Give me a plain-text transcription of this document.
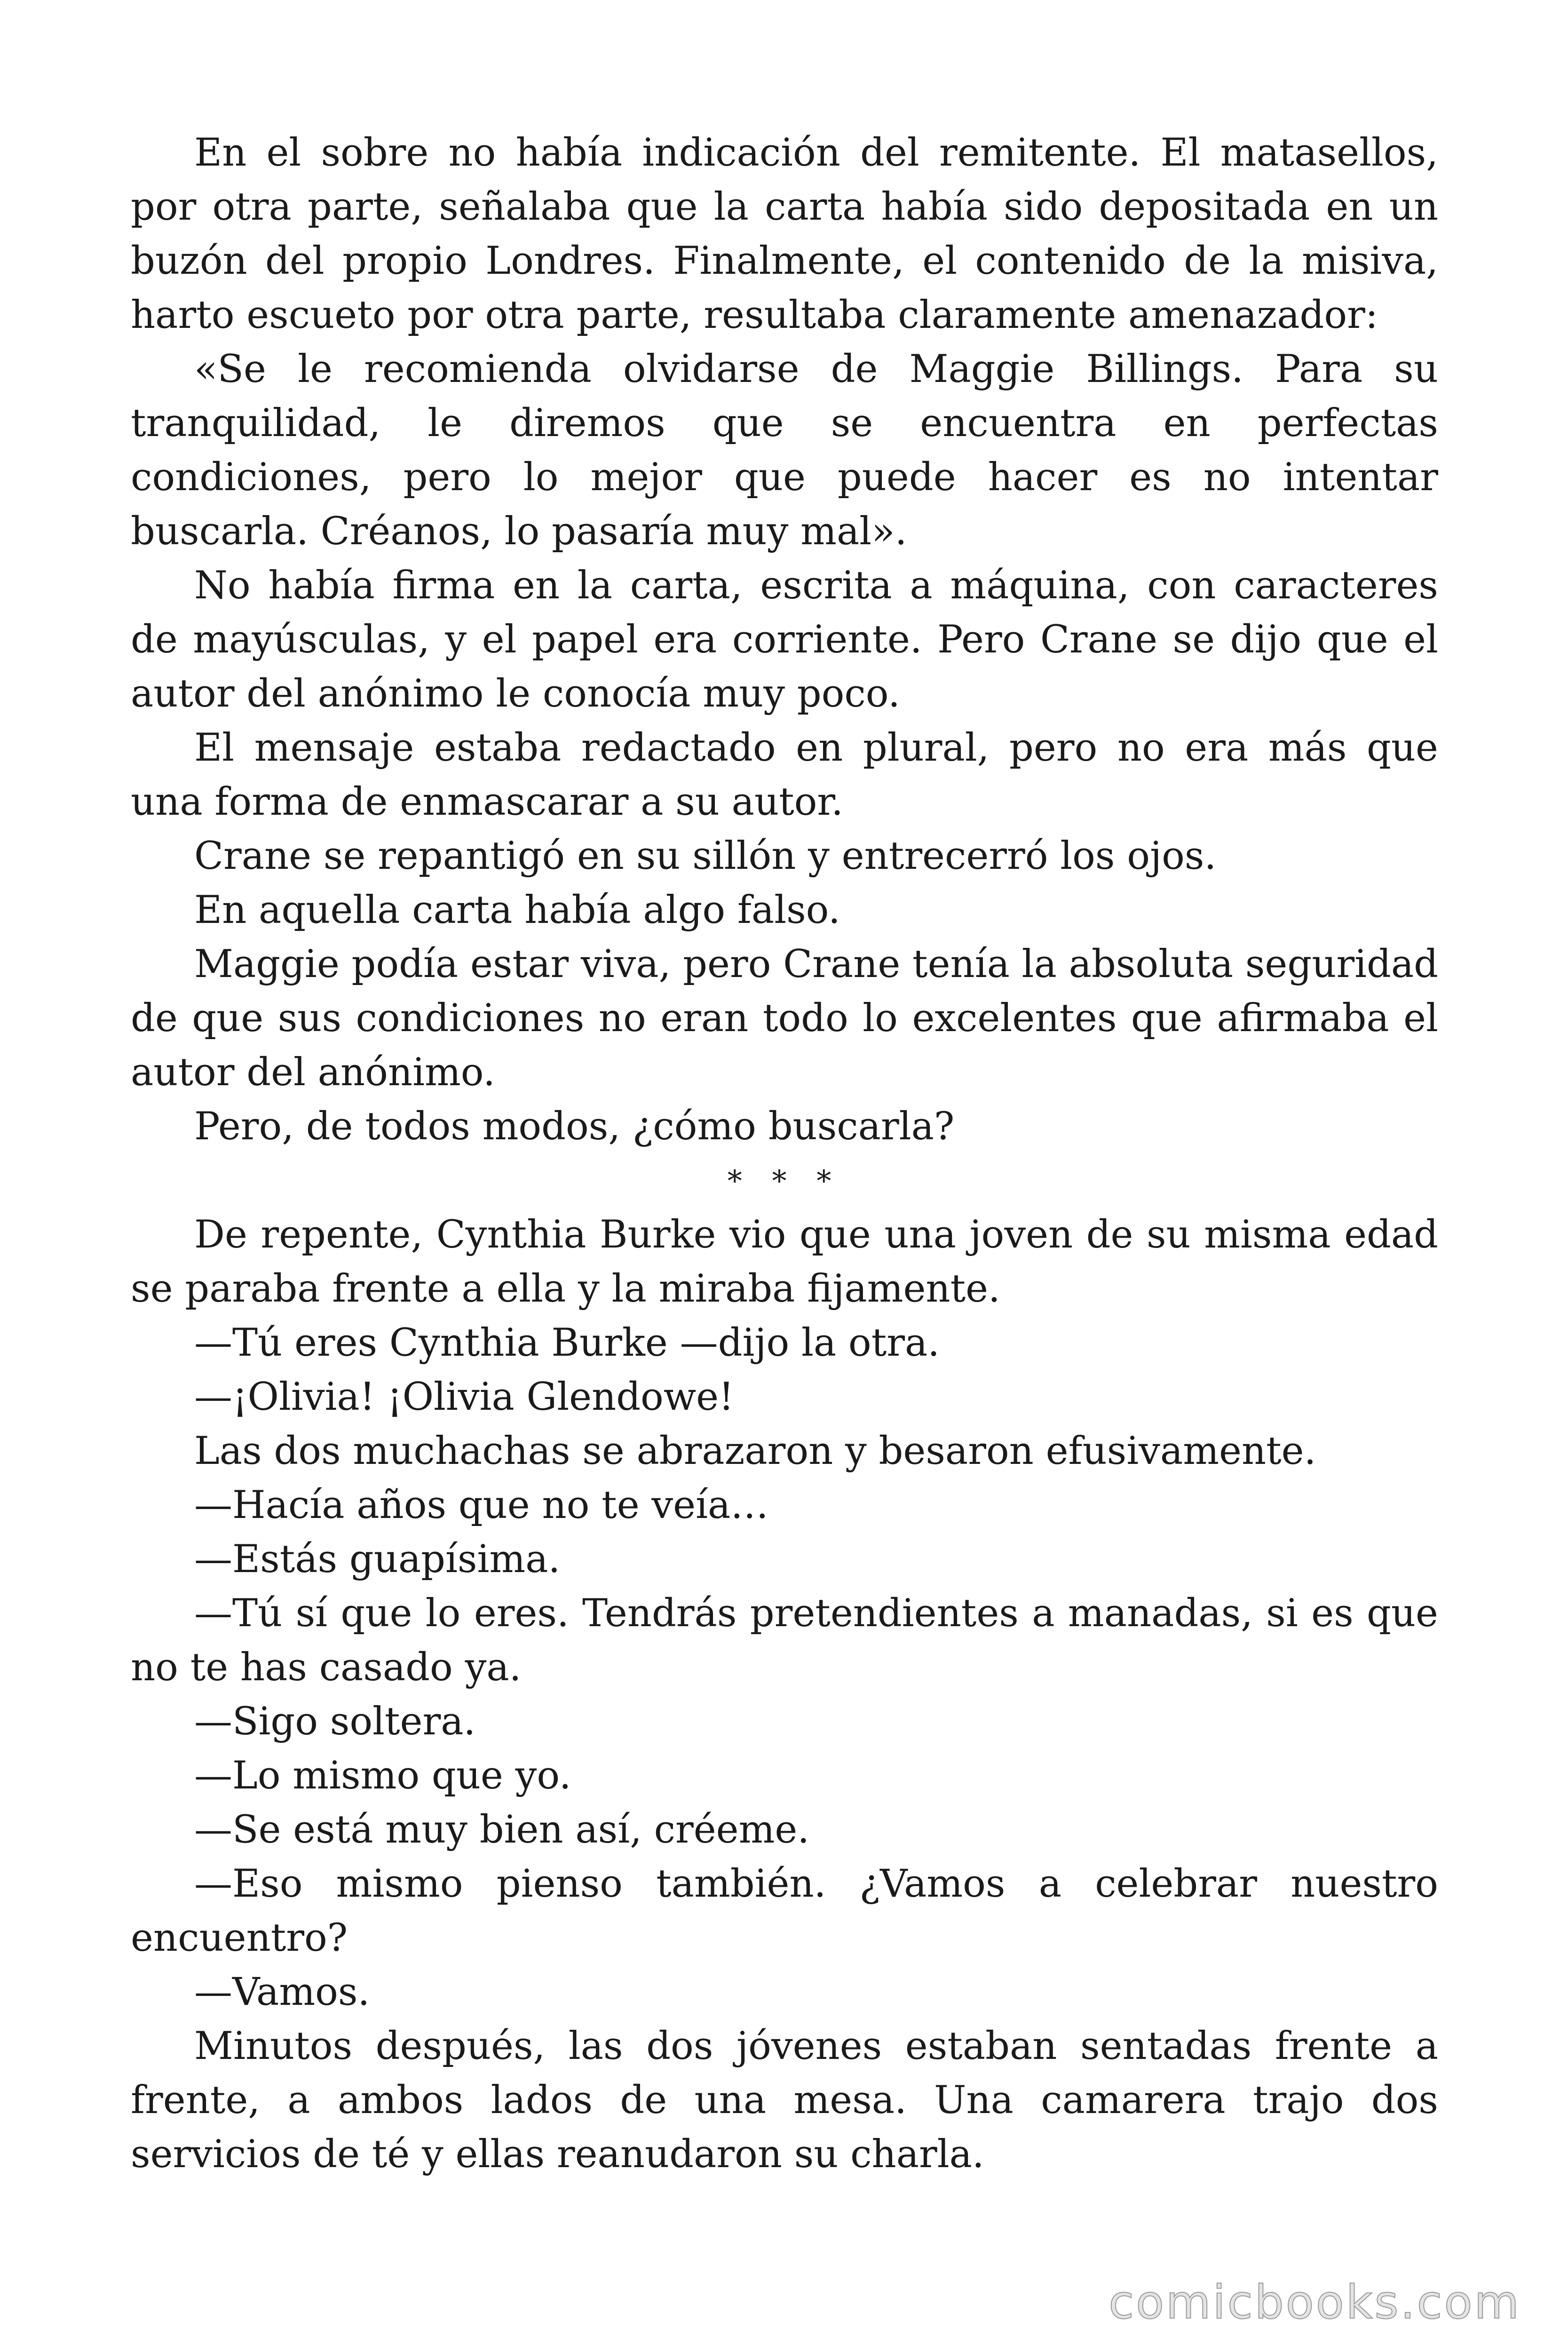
En el sobre no había indicación del remitente. El matasellos, por otra parte, señalaba que la carta había sido depositada en un buzón del propio Londres. Finalmente, el contenido de la misiva, harto escueto por otra parte, resultaba claramente amenazador:

«Se le recomienda olvidarse de Maggie Billings. Para su tranquilidad, le diremos que se encuentra en perfectas condiciones, pero lo mejor que puede hacer es no intentar buscarla. Créanos, lo pasaría muy mal».

No había firma en la carta, escrita a máquina, con caracteres de mayúsculas, y el papel era corriente. Pero Crane se dijo que el autor del anónimo le conocía muy poco.

El mensaje estaba redactado en plural, pero no era más que una forma de enmascarar a su autor.

Crane se repantigó en su sillón y entrecerró los ojos.

En aquella carta había algo falso.

Maggie podía estar viva, pero Crane tenía la absoluta seguridad de que sus condiciones no eran todo lo excelentes que afirmaba el autor del anónimo.

Pero, de todos modos, ¿cómo buscarla?

* * *

De repente, Cynthia Burke vio que una joven de su misma edad se paraba frente a ella y la miraba fijamente.

—Tú eres Cynthia Burke —dijo la otra.

—¡Olivia! ¡Olivia Glendowe!

Las dos muchachas se abrazaron y besaron efusivamente.

—Hacía años que no te veía…

—Estás guapísima.

—Tú sí que lo eres. Tendrás pretendientes a manadas, si es que no te has casado ya.

—Sigo soltera.

—Lo mismo que yo.

—Se está muy bien así, créeme.

—Eso mismo pienso también. ¿Vamos a celebrar nuestro encuentro?

—Vamos.

Minutos después, las dos jóvenes estaban sentadas frente a frente, a ambos lados de una mesa. Una camarera trajo dos servicios de té y ellas reanudaron su charla.

comicbooks.com
